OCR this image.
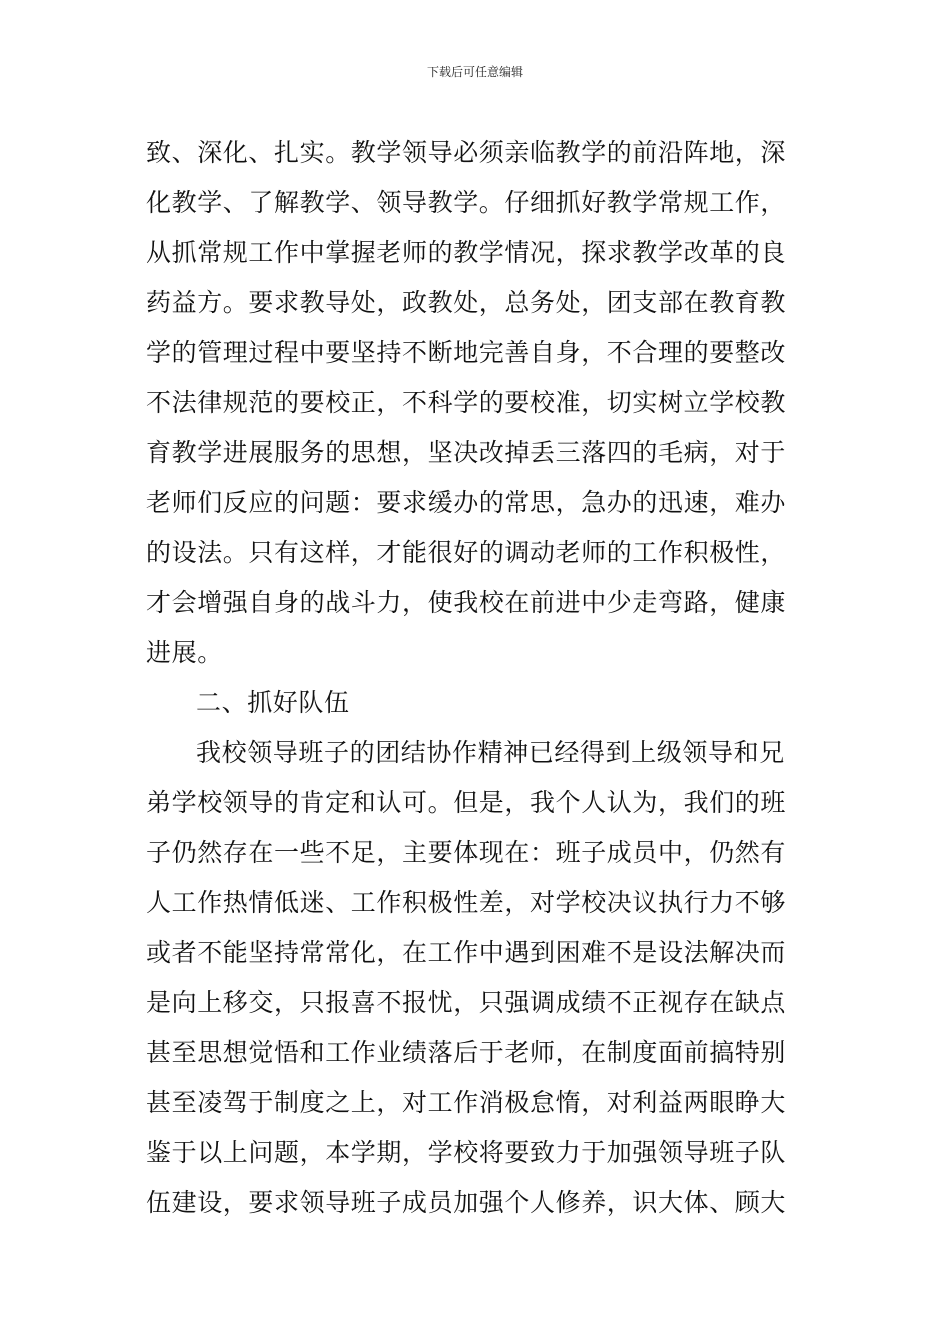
下载后可任意编辑
致、深化、扎实。教学领导必须亲临教学的前沿阵地，深
化教学、了解教学、领导教学。仔细抓好教学常规工作，
从抓常规工作中掌握老师的教学情况，探求教学改革的良
药益方。要求教导处，政教处，总务处，团支部在教育教
学的管理过程中要坚持不断地完善自身，不合理的要整改
不法律规范的要校正，不科学的要校准，切实树立学校教
育教学进展服务的思想，坚决改掉丢三落四的毛病，对于
老师们反应的问题：要求缓办的常思，急办的迅速，难办
的设法。只有这样，才能很好的调动老师的工作积极性，
才会增强自身的战斗力，使我校在前进中少走弯路，健康
进展。
二、抓好队伍
我校领导班子的团结协作精神已经得到上级领导和兄
弟学校领导的肯定和认可。但是，我个人认为，我们的班
子仍然存在一些不足，主要体现在：班子成员中，仍然有
人工作热情低迷、工作积极性差，对学校决议执行力不够
或者不能坚持常常化，在工作中遇到困难不是设法解决而
是向上移交，只报喜不报忧，只强调成绩不正视存在缺点
甚至思想觉悟和工作业绩落后于老师，在制度面前搞特别
甚至凌驾于制度之上，对工作消极怠惰，对利益两眼睁大
鉴于以上问题，本学期，学校将要致力于加强领导班子队
伍建设，要求领导班子成员加强个人修养，识大体、顾大
